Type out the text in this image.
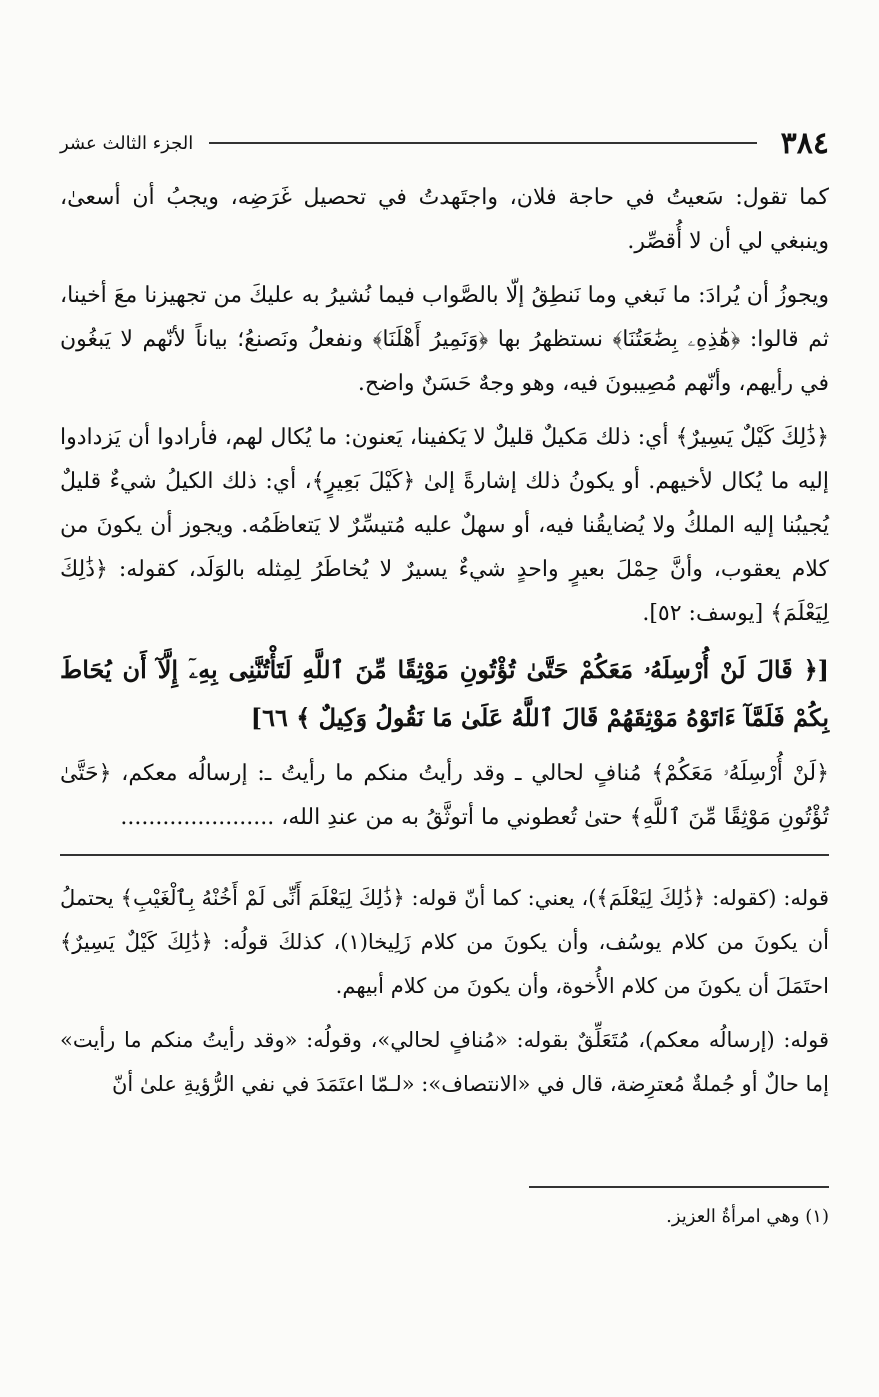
٣٨٤
الجزء الثالث عشر

كما تقول: سَعيتُ في حاجة فلان، واجتَهدتُ في تحصيل غَرَضِه، ويجبُ أن أسعىٰ، وينبغي لي أن لا أُقصِّر.

ويجوزُ أن يُرادَ: ما نَبغي وما نَنطِقُ إلّا بالصَّواب فيما نُشيرُ به عليكَ من تجهيزنا معَ أخينا، ثم قالوا: ﴿هَٰذِهِۦ بِضَٰعَتُنَا﴾ نستظهرُ بها ﴿وَنَمِيرُ أَهْلَنَا﴾ ونفعلُ ونَصنعُ؛ بياناً لأنّهم لا يَبغُون في رأيهم، وأنّهم مُصِيبونَ فيه، وهو وجهٌ حَسَنٌ واضح.

﴿ذَٰلِكَ كَيْلٌ يَسِيرٌ﴾ أي: ذلك مَكيلٌ قليلٌ لا يَكفينا، يَعنون: ما يُكال لهم، فأرادوا أن يَزدادوا إليه ما يُكال لأخيهم. أو يكونُ ذلك إشارةً إلىٰ ﴿كَيْلَ بَعِيرٍ﴾، أي: ذلك الكيلُ شيءٌ قليلٌ يُجيبُنا إليه الملكُ ولا يُضايقُنا فيه، أو سهلٌ عليه مُتيسِّرٌ لا يَتعاظَمُه. ويجوز أن يكونَ من كلام يعقوب، وأنَّ حِمْلَ بعيرٍ واحدٍ شيءٌ يسيرٌ لا يُخاطَرُ لِمِثله بالوَلَد، كقوله: ﴿ذَٰلِكَ لِيَعْلَمَ﴾ [يوسف: ٥٢].

[﴿ قَالَ لَنْ أُرْسِلَهُۥ مَعَكُمْ حَتَّىٰ تُؤْتُونِ مَوْثِقًا مِّنَ ٱللَّهِ لَتَأْتُنَّنِى بِهِۦٓ إِلَّآ أَن يُحَاطَ بِكُمْ فَلَمَّآ ءَاتَوْهُ مَوْثِقَهُمْ قَالَ ٱللَّهُ عَلَىٰ مَا نَقُولُ وَكِيلٌ ﴾ ٦٦]

﴿لَنْ أُرْسِلَهُۥ مَعَكُمْ﴾ مُنافٍ لحالي ـ وقد رأيتُ منكم ما رأيتُ ـ: إرسالُه معكم، ﴿حَتَّىٰ تُؤْتُونِ مَوْثِقًا مِّنَ ٱللَّهِ﴾ حتىٰ تُعطوني ما أتوثَّقُ به من عندِ الله، ......................

قوله: (كقوله: ﴿ذَٰلِكَ لِيَعْلَمَ﴾)، يعني: كما أنّ قوله: ﴿ذَٰلِكَ لِيَعْلَمَ أَنِّى لَمْ أَخُنْهُ بِٱلْغَيْبِ﴾ يحتملُ أن يكونَ من كلام يوسُف، وأن يكونَ من كلام زَلِيخا(١)، كذلكَ قولُه: ﴿ذَٰلِكَ كَيْلٌ يَسِيرٌ﴾ احتَمَلَ أن يكونَ من كلام الأُخوة، وأن يكونَ من كلام أبيهم.

قوله: (إرسالُه معكم)، مُتَعَلِّقٌ بقوله: «مُنافٍ لحالي»، وقولُه: «وقد رأيتُ منكم ما رأيت» إما حالٌ أو جُملةٌ مُعترِضة، قال في «الانتصاف»: «لـمّا اعتَمَدَ في نفي الرُّؤيةِ علىٰ أنّ

(١) وهي امرأةُ العزيز.
